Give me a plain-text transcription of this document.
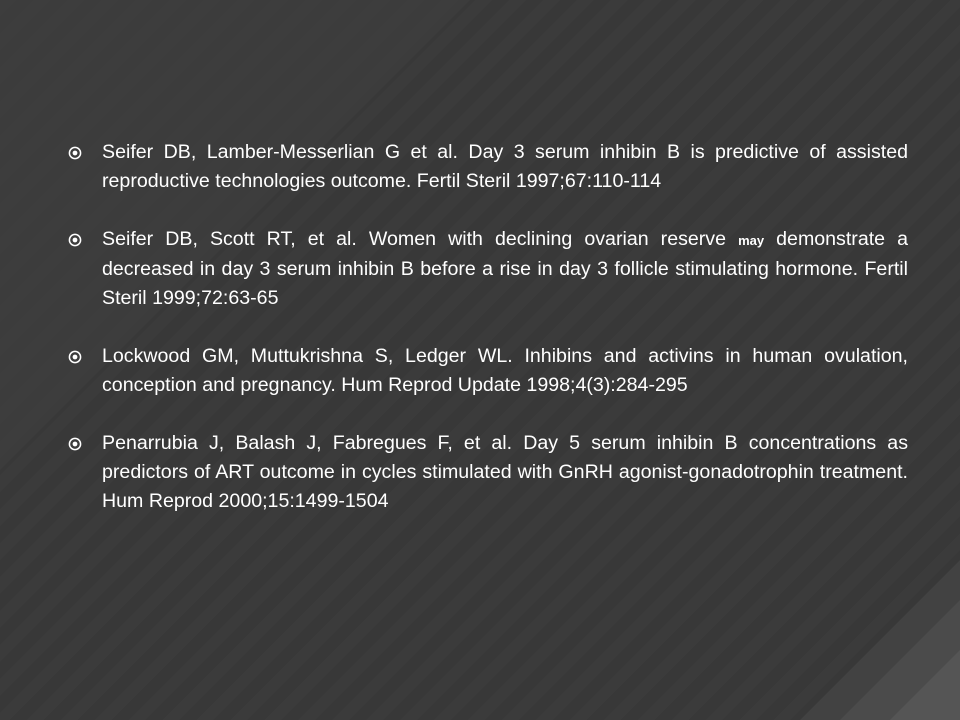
Seifer DB, Lamber-Messerlian G et al. Day 3 serum inhibin B is predictive of assisted reproductive technologies outcome. Fertil Steril 1997;67:110-114
Seifer DB, Scott RT, et al. Women with declining ovarian reserve may demonstrate a decreased in day 3 serum inhibin B before a rise in day 3 follicle stimulating hormone. Fertil Steril 1999;72:63-65
Lockwood GM, Muttukrishna S, Ledger WL. Inhibins and activins in human ovulation, conception and pregnancy. Hum Reprod Update 1998;4(3):284-295
Penarrubia J, Balash J, Fabregues F, et al. Day 5 serum inhibin B concentrations as predictors of ART outcome in cycles stimulated with GnRH agonist-gonadotrophin treatment. Hum Reprod 2000;15:1499-1504
